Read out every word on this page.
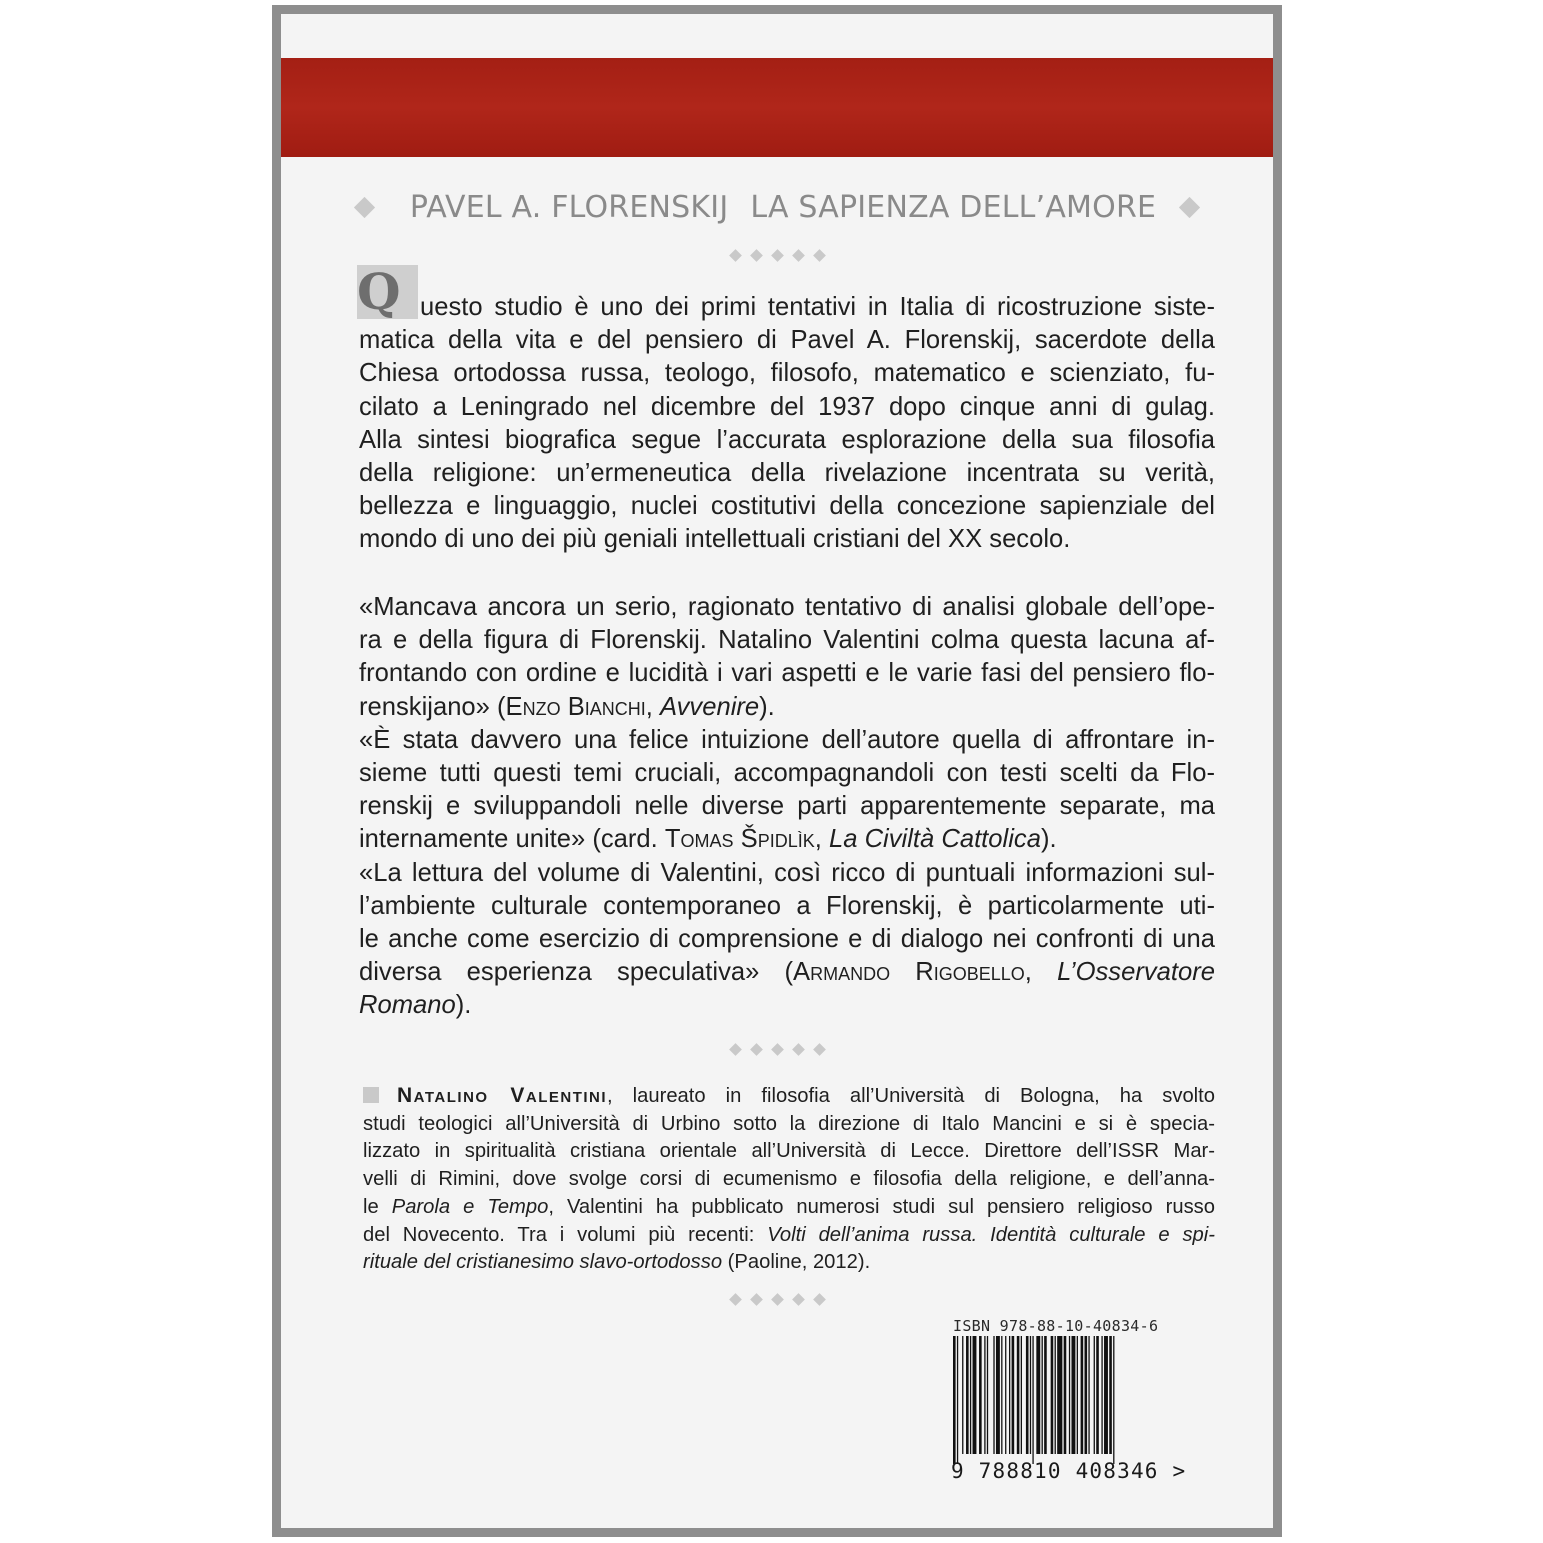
PAVEL A. FLORENSKIJ LA SAPIENZA DELL’AMORE
Q uesto studio è uno dei primi tentativi in Italia di ricostruzione siste-
matica della vita e del pensiero di Pavel A. Florenskij, sacerdote della
Chiesa ortodossa russa, teologo, filosofo, matematico e scienziato, fu-
cilato a Leningrado nel dicembre del 1937 dopo cinque anni di gulag.
Alla sintesi biografica segue l’accurata esplorazione della sua filosofia
della religione: un’ermeneutica della rivelazione incentrata su verità,
bellezza e linguaggio, nuclei costitutivi della concezione sapienziale del
mondo di uno dei più geniali intellettuali cristiani del XX secolo.
«Mancava ancora un serio, ragionato tentativo di analisi globale dell’ope-
ra e della figura di Florenskij. Natalino Valentini colma questa lacuna af-
frontando con ordine e lucidità i vari aspetti e le varie fasi del pensiero flo-
renskijano» (Enzo Bianchi, Avvenire).
«È stata davvero una felice intuizione dell’autore quella di affrontare in-
sieme tutti questi temi cruciali, accompagnandoli con testi scelti da Flo-
renskij e sviluppandoli nelle diverse parti apparentemente separate, ma
internamente unite» (card. Tomas Špidlìk, La Civiltà Cattolica).
«La lettura del volume di Valentini, così ricco di puntuali informazioni sul-
l’ambiente culturale contemporaneo a Florenskij, è particolarmente uti-
le anche come esercizio di comprensione e di dialogo nei confronti di una
diversa esperienza speculativa» (Armando Rigobello, L’Osservatore
Romano).
Natalino Valentini, laureato in filosofia all’Università di Bologna, ha svolto
studi teologici all’Università di Urbino sotto la direzione di Italo Mancini e si è specia-
lizzato in spiritualità cristiana orientale all’Università di Lecce. Direttore dell’ISSR Mar-
velli di Rimini, dove svolge corsi di ecumenismo e filosofia della religione, e dell’anna-
le Parola e Tempo, Valentini ha pubblicato numerosi studi sul pensiero religioso russo
del Novecento. Tra i volumi più recenti: Volti dell’anima russa. Identità culturale e spi-
rituale del cristianesimo slavo-ortodosso (Paoline, 2012).
ISBN 978-88-10-40834-6
9 788810 408346 >
